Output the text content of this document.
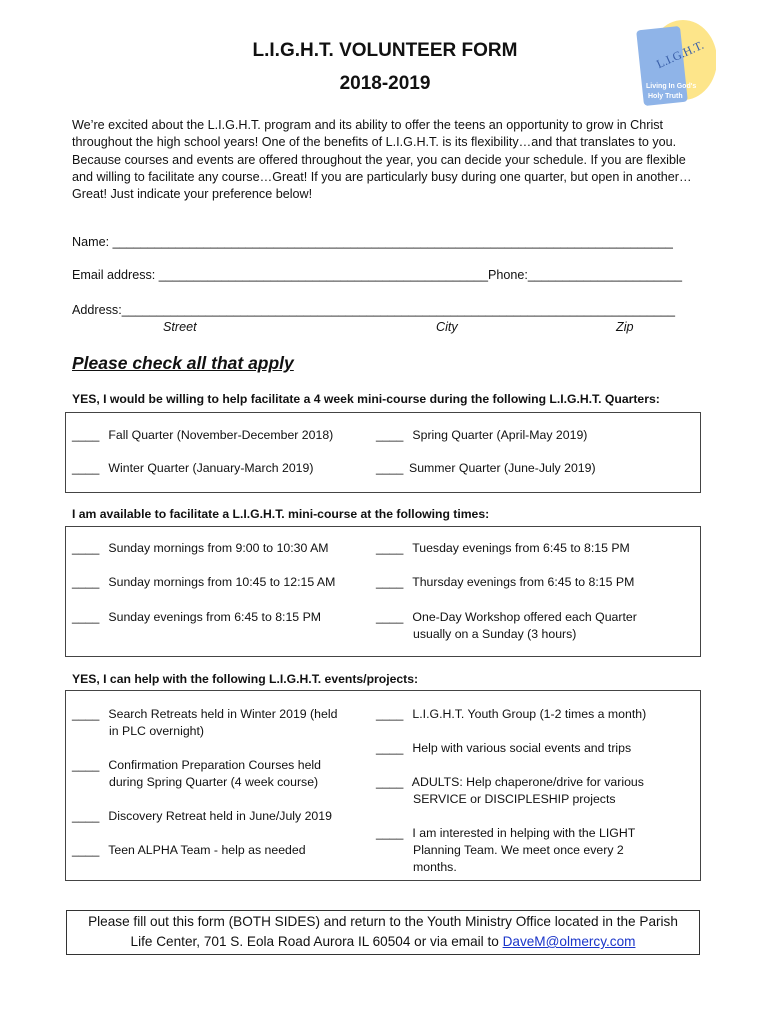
L.I.G.H.T.
Living In God's
Holy Truth
L.I.G.H.T. VOLUNTEER FORM
2018-2019
We’re excited about the L.I.G.H.T. program and its ability to offer the teens an opportunity to grow in Christ throughout the high school years! One of the benefits of L.I.G.H.T. is its flexibility…and that translates to you. Because courses and events are offered throughout the year, you can decide your schedule. If you are flexible and willing to facilitate any course…Great! If you are particularly busy during one quarter, but open in another…Great! Just indicate your preference below!
Name: ________________________________________________________________________________
Email address: _______________________________________________Phone:______________________
Address:_______________________________________________________________________________
Street	City	Zip
Please check all that apply
YES, I would be willing to help facilitate a 4 week mini-course during the following L.I.G.H.T. Quarters:
____ Fall Quarter (November-December 2018)
____ Winter Quarter (January-March 2019)
____ Spring Quarter (April-May 2019)
____ Summer Quarter (June-July 2019)
I am available to facilitate a L.I.G.H.T. mini-course at the following times:
____ Sunday mornings from 9:00 to 10:30 AM
____ Sunday mornings from 10:45 to 12:15 AM
____ Sunday evenings from 6:45 to 8:15 PM
____ Tuesday evenings from 6:45 to 8:15 PM
____ Thursday evenings from 6:45 to 8:15 PM
____ One-Day Workshop offered each Quarter
usually on a Sunday (3 hours)
YES, I can help with the following L.I.G.H.T. events/projects:
____ Search Retreats held in Winter 2019 (held
in PLC overnight)
____ Confirmation Preparation Courses held
during Spring Quarter (4 week course)
____ Discovery Retreat held in June/July 2019
____ Teen ALPHA Team - help as needed
____ L.I.G.H.T. Youth Group (1-2 times a month)
____ Help with various social events and trips
____ ADULTS: Help chaperone/drive for various
SERVICE or DISCIPLESHIP projects
____ I am interested in helping with the LIGHT
Planning Team. We meet once every 2
months.
Please fill out this form (BOTH SIDES) and return to the Youth Ministry Office located in the Parish
Life Center, 701 S. Eola Road Aurora IL 60504 or via email to DaveM@olmercy.com
